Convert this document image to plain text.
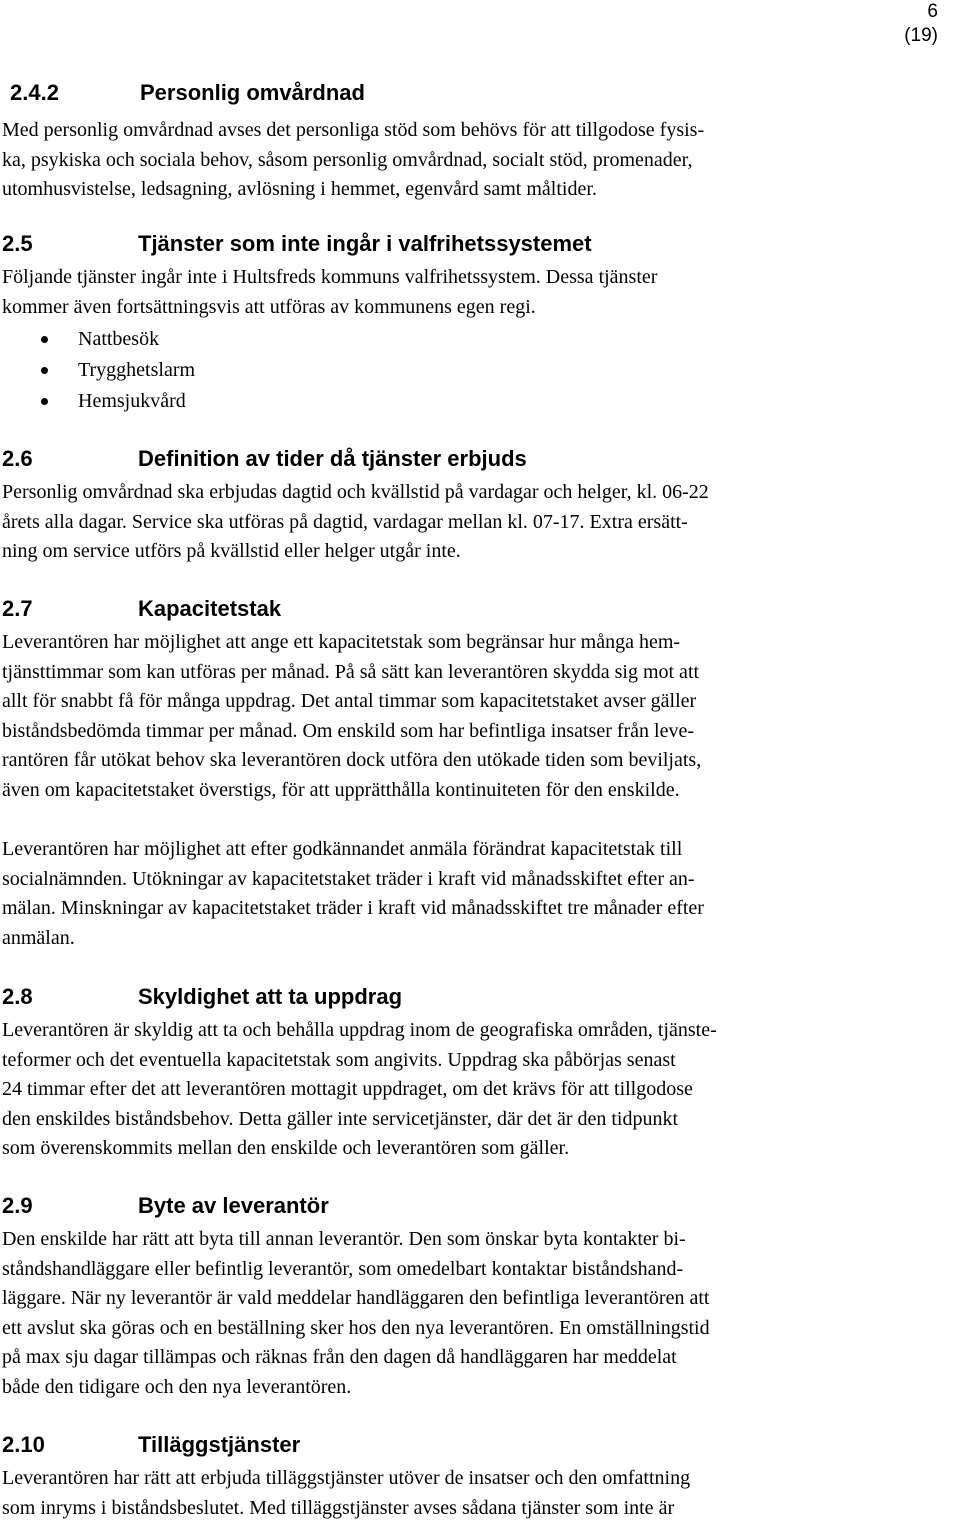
6
(19)
2.4.2	Personlig omvårdnad

Med personlig omvårdnad avses det personliga stöd som behövs för att tillgodose fysis-
ka, psykiska och sociala behov, såsom personlig omvårdnad, socialt stöd, promenader,
utomhusvistelse, ledsagning, avlösning i hemmet, egenvård samt måltider.

2.5	Tjänster som inte ingår i valfrihetssystemet

Följande tjänster ingår inte i Hultsfreds kommuns valfrihetssystem. Dessa tjänster
kommer även fortsättningsvis att utföras av kommunens egen regi.

Nattbesök
Trygghetslarm
Hemsjukvård
2.6	Definition av tider då tjänster erbjuds

Personlig omvårdnad ska erbjudas dagtid och kvällstid på vardagar och helger, kl. 06-22
årets alla dagar. Service ska utföras på dagtid, vardagar mellan kl. 07-17. Extra ersätt-
ning om service utförs på kvällstid eller helger utgår inte.

2.7	Kapacitetstak

Leverantören har möjlighet att ange ett kapacitetstak som begränsar hur många hem-
tjänsttimmar som kan utföras per månad. På så sätt kan leverantören skydda sig mot att
allt för snabbt få för många uppdrag. Det antal timmar som kapacitetstaket avser gäller
biståndsbedömda timmar per månad. Om enskild som har befintliga insatser från leve-
rantören får utökat behov ska leverantören dock utföra den utökade tiden som beviljats,
även om kapacitetstaket överstigs, för att upprätthålla kontinuiteten för den enskilde.

Leverantören har möjlighet att efter godkännandet anmäla förändrat kapacitetstak till
socialnämnden. Utökningar av kapacitetstaket träder i kraft vid månadsskiftet efter an-
mälan. Minskningar av kapacitetstaket träder i kraft vid månadsskiftet tre månader efter
anmälan.

2.8	Skyldighet att ta uppdrag

Leverantören är skyldig att ta och behålla uppdrag inom de geografiska områden, tjänste-
teformer och det eventuella kapacitetstak som angivits. Uppdrag ska påbörjas senast
24 timmar efter det att leverantören mottagit uppdraget, om det krävs för att tillgodose
den enskildes biståndsbehov. Detta gäller inte servicetjänster, där det är den tidpunkt
som överenskommits mellan den enskilde och leverantören som gäller.

2.9	Byte av leverantör

Den enskilde har rätt att byta till annan leverantör. Den som önskar byta kontakter bi-
ståndshandläggare eller befintlig leverantör, som omedelbart kontaktar biståndshand-
läggare. När ny leverantör är vald meddelar handläggaren den befintliga leverantören att
ett avslut ska göras och en beställning sker hos den nya leverantören. En omställningstid
på max sju dagar tillämpas och räknas från den dagen då handläggaren har meddelat
både den tidigare och den nya leverantören.

2.10	Tilläggstjänster

Leverantören har rätt att erbjuda tilläggstjänster utöver de insatser och den omfattning
som inryms i biståndsbeslutet. Med tilläggstjänster avses sådana tjänster som inte är
